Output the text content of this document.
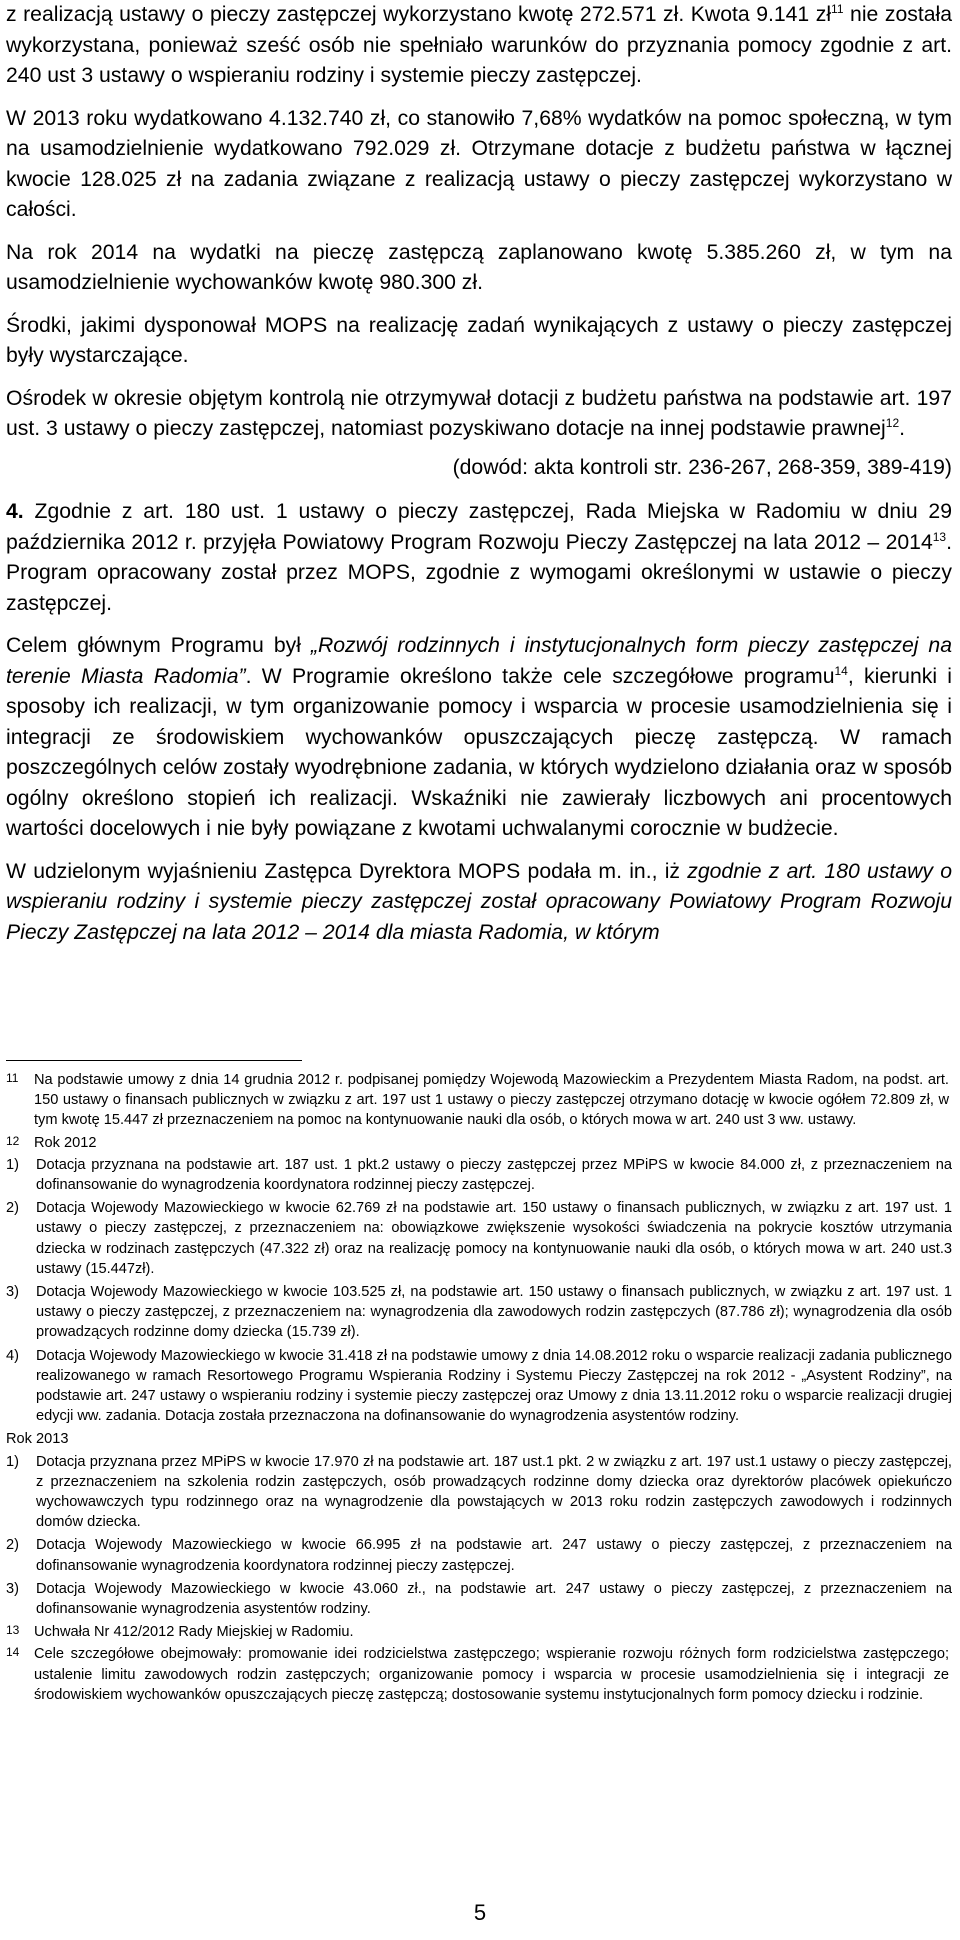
z realizacją ustawy o pieczy zastępczej wykorzystano kwotę 272.571 zł. Kwota 9.141 $zł^{11}$ nie została wykorzystana, ponieważ sześć osób nie spełniało warunków do przyznania pomocy zgodnie z art. 240 ust 3 ustawy o wspieraniu rodziny i systemie pieczy zastępczej.

W 2013 roku wydatkowano 4.132.740 zł, co stanowiło 7,68% wydatków na pomoc społeczną, w tym na usamodzielnienie wydatkowano 792.029 zł. Otrzymane dotacje z budżetu państwa w łącznej kwocie 128.025 zł na zadania związane z realizacją ustawy o pieczy zastępczej wykorzystano w całości.

Na rok 2014 na wydatki na pieczę zastępczą zaplanowano kwotę 5.385.260 zł, w tym na usamodzielnienie wychowanków kwotę 980.300 zł.

Środki, jakimi dysponował MOPS na realizację zadań wynikających z ustawy o pieczy zastępczej były wystarczające.

Ośrodek w okresie objętym kontrolą nie otrzymywał dotacji z budżetu państwa na podstawie art. 197 ust. 3 ustawy o pieczy zastępczej, natomiast pozyskiwano dotacje na innej podstawie prawnej$^{12}$.

(dowód: akta kontroli str. 236-267, 268-359, 389-419)

4. Zgodnie z art. 180 ust. 1 ustawy o pieczy zastępczej, Rada Miejska w Radomiu w dniu 29 października 2012 r. przyjęła Powiatowy Program Rozwoju Pieczy Zastępczej na lata 2012 – 2014$^{13}$. Program opracowany został przez MOPS, zgodnie z wymogami określonymi w ustawie o pieczy zastępczej.

Celem głównym Programu był „Rozwój rodzinnych i instytucjonalnych form pieczy zastępczej na terenie Miasta Radomia”. W Programie określono także cele szczegółowe programu$^{14}$, kierunki i sposoby ich realizacji, w tym organizowanie pomocy i wsparcia w procesie usamodzielnienia się i integracji ze środowiskiem wychowanków opuszczających pieczę zastępczą. W ramach poszczególnych celów zostały wyodrębnione zadania, w których wydzielono działania oraz w sposób ogólny określono stopień ich realizacji. Wskaźniki nie zawierały liczbowych ani procentowych wartości docelowych i nie były powiązane z kwotami uchwalanymi corocznie w budżecie.

W udzielonym wyjaśnieniu Zastępca Dyrektora MOPS podała m. in., iż zgodnie z art. 180 ustawy o wspieraniu rodziny i systemie pieczy zastępczej został opracowany Powiatowy Program Rozwoju Pieczy Zastępczej na lata 2012 – 2014 dla miasta Radomia, w którym

11 Na podstawie umowy z dnia 14 grudnia 2012 r. podpisanej pomiędzy Wojewodą Mazowieckim a Prezydentem Miasta Radom, na podst. art. 150 ustawy o finansach publicznych w związku z art. 197 ust 1 ustawy o pieczy zastępczej otrzymano dotację w kwocie ogółem 72.809 zł, w tym kwotę 15.447 zł przeznaczeniem na pomoc na kontynuowanie nauki dla osób, o których mowa w art. 240 ust 3 ww. ustawy.
12 Rok 2012
1) Dotacja przyznana na podstawie art. 187 ust. 1 pkt.2 ustawy o pieczy zastępczej przez MPiPS w kwocie 84.000 zł, z przeznaczeniem na dofinansowanie do wynagrodzenia koordynatora rodzinnej pieczy zastępczej.
2) Dotacja Wojewody Mazowieckiego w kwocie 62.769 zł na podstawie art. 150 ustawy o finansach publicznych, w związku z art. 197 ust. 1 ustawy o pieczy zastępczej, z przeznaczeniem na: obowiązkowe zwiększenie wysokości świadczenia na pokrycie kosztów utrzymania dziecka w rodzinach zastępczych (47.322 zł) oraz na realizację pomocy na kontynuowanie nauki dla osób, o których mowa w art. 240 ust.3 ustawy (15.447zł).
3) Dotacja Wojewody Mazowieckiego w kwocie 103.525 zł, na podstawie art. 150 ustawy o finansach publicznych, w związku z art. 197 ust. 1 ustawy o pieczy zastępczej, z przeznaczeniem na: wynagrodzenia dla zawodowych rodzin zastępczych (87.786 zł); wynagrodzenia dla osób prowadzących rodzinne domy dziecka (15.739 zł).
4) Dotacja Wojewody Mazowieckiego w kwocie 31.418 zł na podstawie umowy z dnia 14.08.2012 roku o wsparcie realizacji zadania publicznego realizowanego w ramach Resortowego Programu Wspierania Rodziny i Systemu Pieczy Zastępczej na rok 2012 - „Asystent Rodziny”, na podstawie art. 247 ustawy o wspieraniu rodziny i systemie pieczy zastępczej oraz Umowy z dnia 13.11.2012 roku o wsparcie realizacji drugiej edycji ww. zadania. Dotacja została przeznaczona na dofinansowanie do wynagrodzenia asystentów rodziny.
Rok 2013
1) Dotacja przyznana przez MPiPS w kwocie 17.970 zł na podstawie art. 187 ust.1 pkt. 2 w związku z art. 197 ust.1 ustawy o pieczy zastępczej, z przeznaczeniem na szkolenia rodzin zastępczych, osób prowadzących rodzinne domy dziecka oraz dyrektorów placówek opiekuńczo wychowawczych typu rodzinnego oraz na wynagrodzenie dla powstających w 2013 roku rodzin zastępczych zawodowych i rodzinnych domów dziecka.
2) Dotacja Wojewody Mazowieckiego w kwocie 66.995 zł na podstawie art. 247 ustawy o pieczy zastępczej, z przeznaczeniem na dofinansowanie wynagrodzenia koordynatora rodzinnej pieczy zastępczej.
3) Dotacja Wojewody Mazowieckiego w kwocie 43.060 zł., na podstawie art. 247 ustawy o pieczy zastępczej, z przeznaczeniem na dofinansowanie wynagrodzenia asystentów rodziny.
13 Uchwała Nr 412/2012 Rady Miejskiej w Radomiu.
14 Cele szczegółowe obejmowały: promowanie idei rodzicielstwa zastępczego; wspieranie rozwoju różnych form rodzicielstwa zastępczego; ustalenie limitu zawodowych rodzin zastępczych; organizowanie pomocy i wsparcia w procesie usamodzielnienia się i integracji ze środowiskiem wychowanków opuszczających pieczę zastępczą; dostosowanie systemu instytucjonalnych form pomocy dziecku i rodzinie.
5
